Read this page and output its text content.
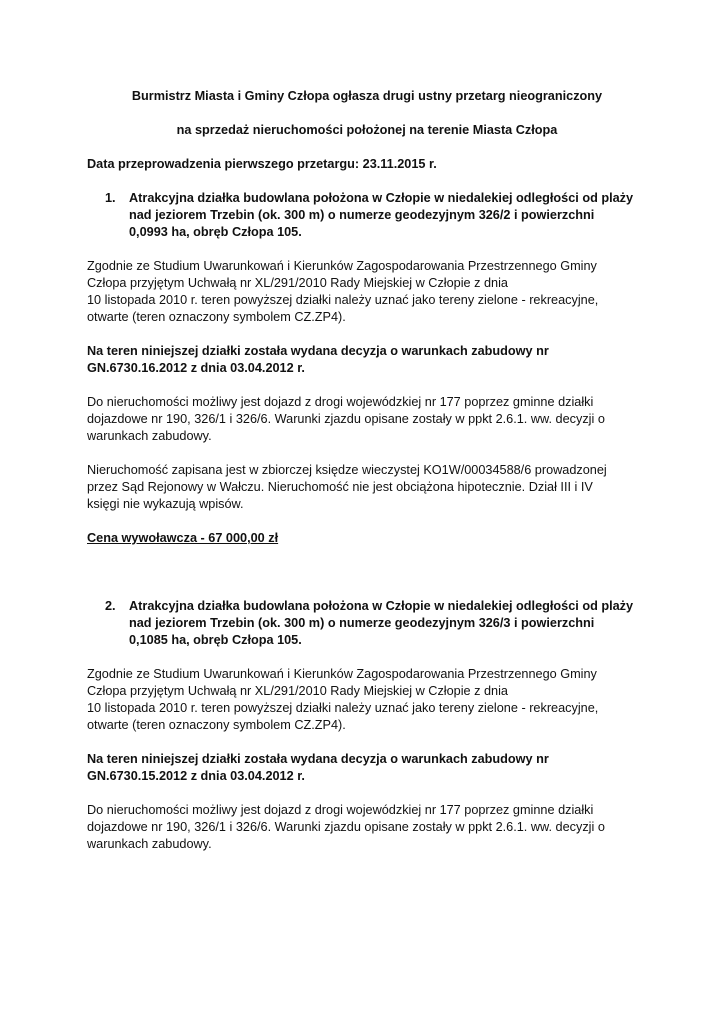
Burmistrz Miasta i Gminy Człopa ogłasza drugi ustny przetarg nieograniczony

na sprzedaż nieruchomości położonej na terenie Miasta Człopa

Data przeprowadzenia pierwszego przetargu: 23.11.2015 r.

1.	Atrakcyjna działka budowlana położona w Człopie w niedalekiej odległości od plaży
nad jeziorem Trzebin (ok. 300 m) o numerze geodezyjnym 326/2 i powierzchni
0,0993 ha, obręb Człopa 105.

Zgodnie ze Studium Uwarunkowań i Kierunków Zagospodarowania Przestrzennego Gminy
Człopa przyjętym Uchwałą nr XL/291/2010 Rady Miejskiej w Człopie z dnia
10 listopada 2010 r. teren powyższej działki należy uznać jako tereny zielone - rekreacyjne,
otwarte (teren oznaczony symbolem CZ.ZP4).

Na teren niniejszej działki została wydana decyzja o warunkach zabudowy nr
GN.6730.16.2012 z dnia 03.04.2012 r.

Do nieruchomości możliwy jest dojazd z drogi wojewódzkiej nr 177 poprzez gminne działki
dojazdowe nr 190, 326/1 i 326/6. Warunki zjazdu opisane zostały w ppkt 2.6.1. ww. decyzji o
warunkach zabudowy.

Nieruchomość zapisana jest w zbiorczej księdze wieczystej KO1W/00034588/6 prowadzonej
przez Sąd Rejonowy w Wałczu. Nieruchomość nie jest obciążona hipotecznie. Dział III i IV
księgi nie wykazują wpisów.

Cena wywoławcza - 67 000,00 zł

2.	Atrakcyjna działka budowlana położona w Człopie w niedalekiej odległości od plaży
nad jeziorem Trzebin (ok. 300 m) o numerze geodezyjnym 326/3 i powierzchni
0,1085 ha, obręb Człopa 105.

Zgodnie ze Studium Uwarunkowań i Kierunków Zagospodarowania Przestrzennego Gminy
Człopa przyjętym Uchwałą nr XL/291/2010 Rady Miejskiej w Człopie z dnia
10 listopada 2010 r. teren powyższej działki należy uznać jako tereny zielone - rekreacyjne,
otwarte (teren oznaczony symbolem CZ.ZP4).

Na teren niniejszej działki została wydana decyzja o warunkach zabudowy nr
GN.6730.15.2012 z dnia 03.04.2012 r.

Do nieruchomości możliwy jest dojazd z drogi wojewódzkiej nr 177 poprzez gminne działki
dojazdowe nr 190, 326/1 i 326/6. Warunki zjazdu opisane zostały w ppkt 2.6.1. ww. decyzji o
warunkach zabudowy.
